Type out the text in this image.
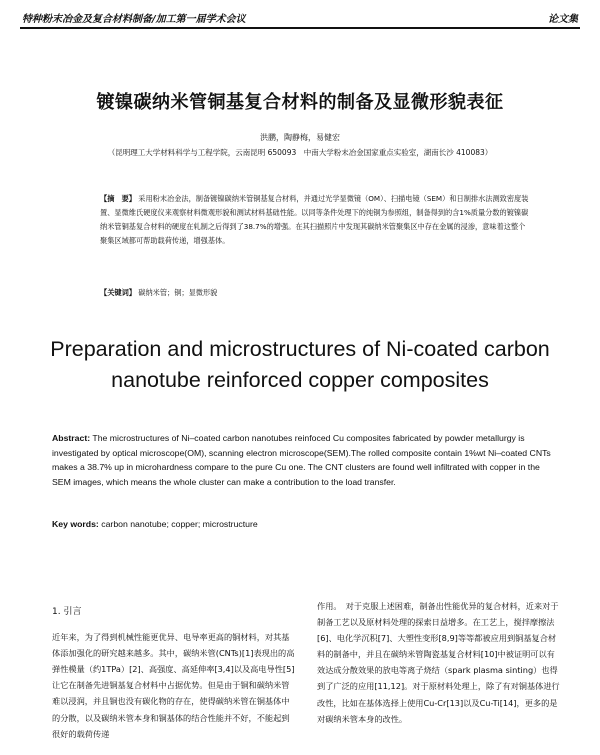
特种粉末冶金及复合材料制备/加工第一届学术会议	论文集
镀镍碳纳米管铜基复合材料的制备及显微形貌表征
洪鹏，陶静梅，易健宏
（昆明理工大学材料科学与工程学院，云南昆明 650093　中南大学粉末冶金国家重点实验室，湖南长沙 410083）
【摘　要】 采用粉末冶金法，制备镀镍碳纳米管铜基复合材料，并通过光学显微镜（OM）、扫描电镜（SEM）和日制排水法测致密度装置、显微维氏硬度仪来观察材料微观形貌和测试材料基础性能。以同等条件处理下的纯铜为参照组，制备得到的含1%质量分数的镀镍碳纳米管铜基复合材料的硬度在轧制之后得到了38.7%的增强。在其扫描照片中发现其碳纳米管聚集区中存在金属的浸渗，意味着这整个聚集区域都可帮助载荷传递，增强基体。
【关键词】 碳纳米管；铜；显微形貌
Preparation and microstructures of Ni-coated carbon nanotube reinforced copper composites
Abstract: The microstructures of Ni–coated carbon nanotubes reinfoced Cu composites fabricated by powder metallurgy is investigated by optical microscope(OM), scanning electron microscope(SEM).The rolled composite contain 1%wt Ni–coated CNTs makes a 38.7% up in microhardness compare to the pure Cu one. The CNT clusters are found well infiltrated with copper in the SEM images, which means the whole cluster can make a contribution to the load transfer.
Key words: carbon nanotube; copper; microstructure
1. 引言

近年来，为了得到机械性能更优异、电导率更高的铜材料，对其基体添加强化的研究越来越多。其中，碳纳米管(CNTs)[1]表现出的高弹性模量（约1TPa）[2]、高强度、高延伸率[3,4]以及高电导性[5]让它在制备先进铜基复合材料中占据优势。但是由于铜和碳纳米管难以浸润，并且铜也没有碳化物的存在，使得碳纳米管在铜基体中的分散，以及碳纳米管本身和铜基体的结合性能并不好，不能起到很好的载荷传递

作用。　对于克服上述困难，制备出性能优异的复合材料，近来对于制备工艺以及原材料处理的探索日益增多。在工艺上，搅拌摩擦法[6]、电化学沉积[7]、大塑性变形[8,9]等等都被应用到铜基复合材料的制备中，并且在碳纳米管陶瓷基复合材料[10]中被证明可以有效达成分散效果的放电等离子烧结（spark plasma sinting）也得到了广泛的应用[11,12]。对于原材料处理上，除了有对铜基体进行改性，比如在基体选择上使用Cu-Cr[13]以及Cu-Ti[14]，更多的是对碳纳米管本身的改性。
